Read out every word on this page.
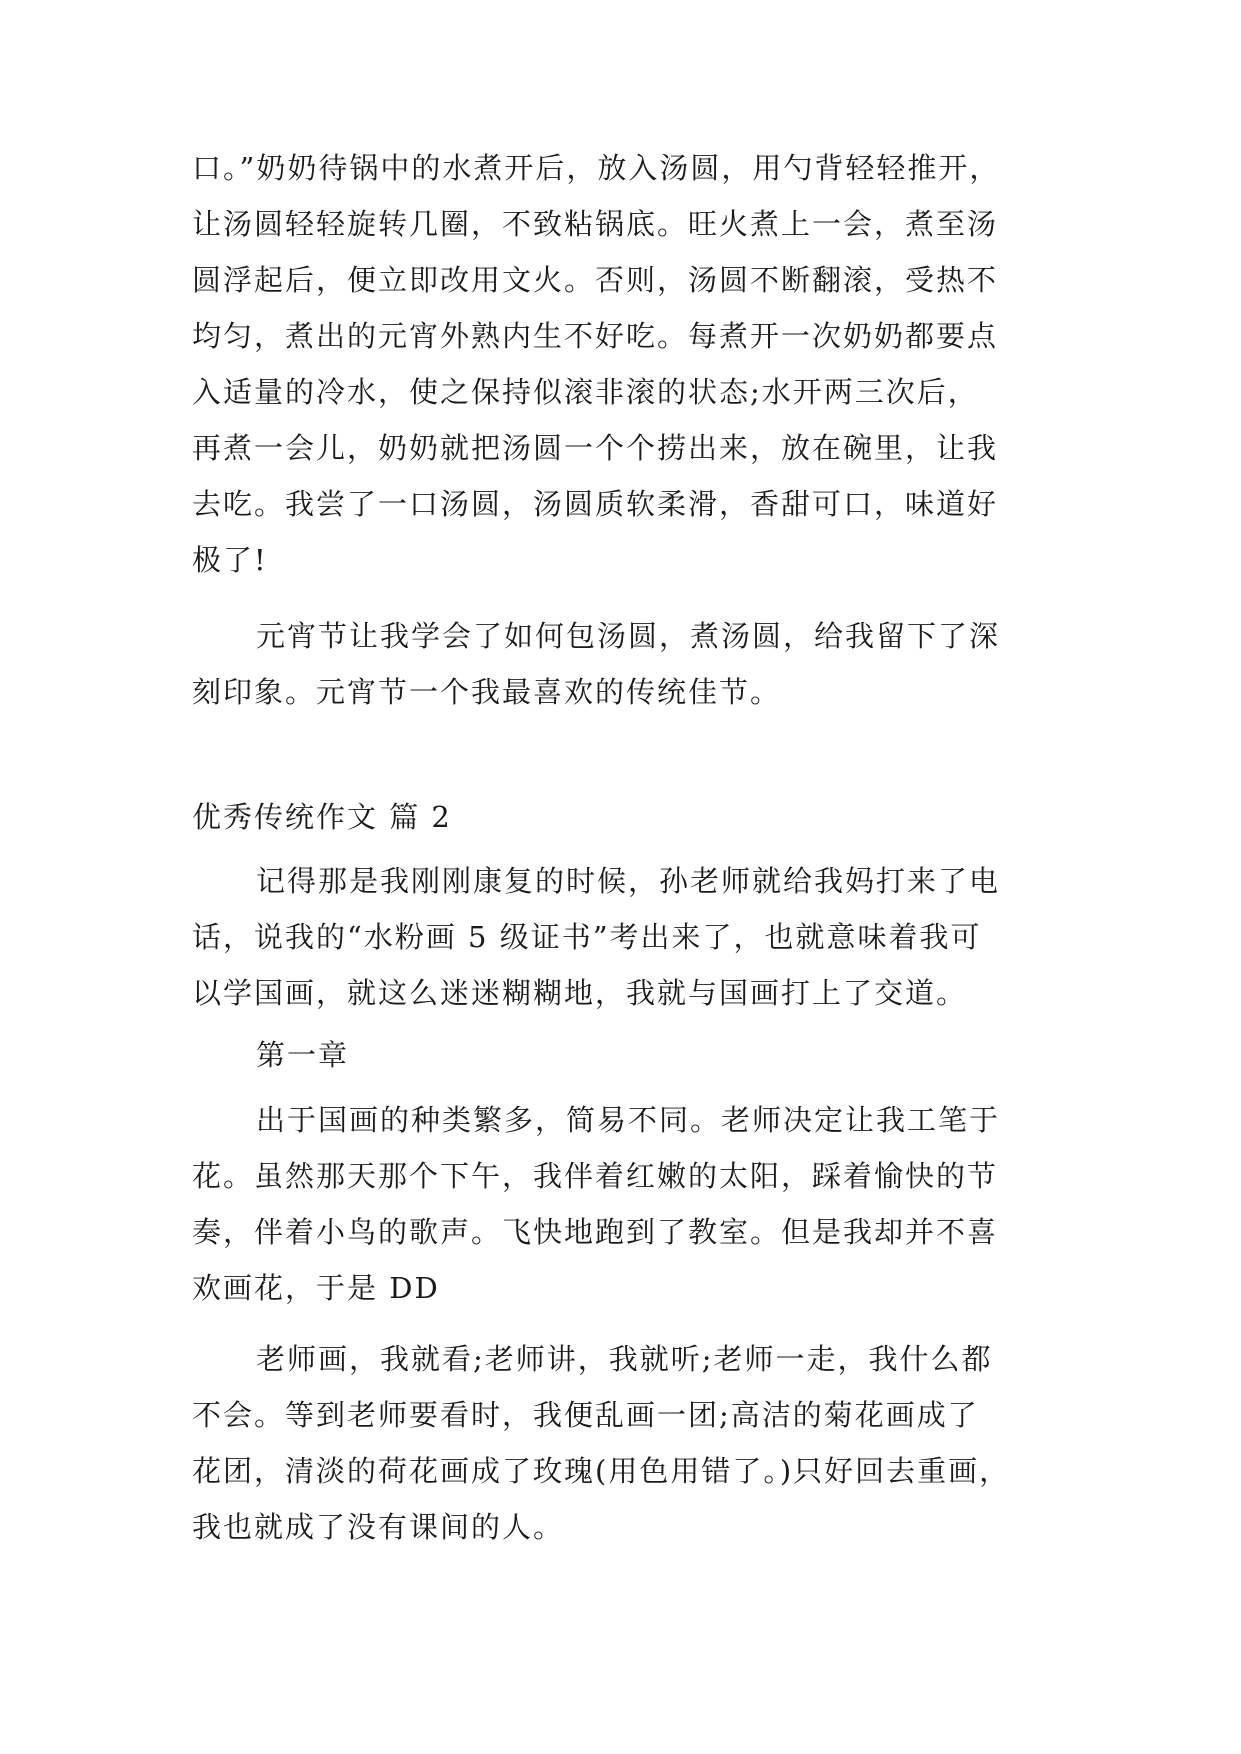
口。”奶奶待锅中的水煮开后，放入汤圆，用勺背轻轻推开，
让汤圆轻轻旋转几圈，不致粘锅底。旺火煮上一会，煮至汤
圆浮起后，便立即改用文火。否则，汤圆不断翻滚，受热不
均匀，煮出的元宵外熟内生不好吃。每煮开一次奶奶都要点
入适量的冷水，使之保持似滚非滚的状态;水开两三次后，
再煮一会儿，奶奶就把汤圆一个个捞出来，放在碗里，让我
去吃。我尝了一口汤圆，汤圆质软柔滑，香甜可口，味道好
极了!
元宵节让我学会了如何包汤圆，煮汤圆，给我留下了深
刻印象。元宵节一个我最喜欢的传统佳节。
优秀传统作文 篇 2
记得那是我刚刚康复的时候，孙老师就给我妈打来了电
话，说我的“水粉画 5 级证书”考出来了，也就意味着我可
以学国画，就这么迷迷糊糊地，我就与国画打上了交道。
第一章
出于国画的种类繁多，简易不同。老师决定让我工笔于
花。虽然那天那个下午，我伴着红嫩的太阳，踩着愉快的节
奏，伴着小鸟的歌声。飞快地跑到了教室。但是我却并不喜
欢画花，于是 DD
老师画，我就看;老师讲，我就听;老师一走，我什么都
不会。等到老师要看时，我便乱画一团;高洁的菊花画成了
花团，清淡的荷花画成了玫瑰(用色用错了。)只好回去重画，
我也就成了没有课间的人。
